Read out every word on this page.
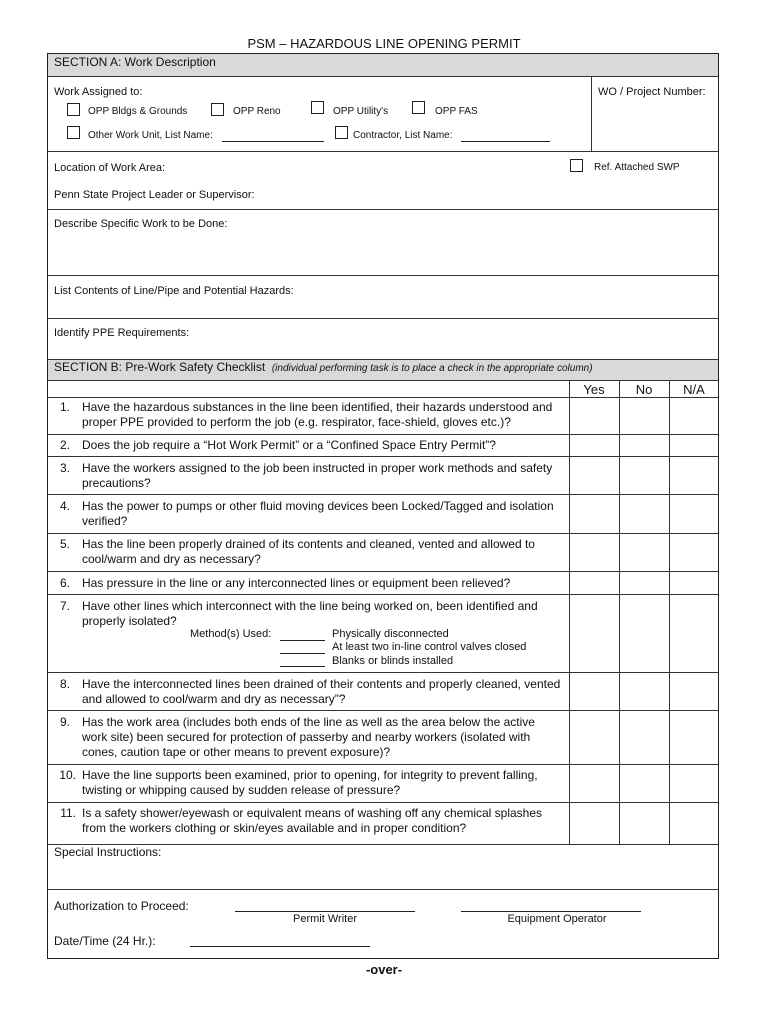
PSM – HAZARDOUS LINE OPENING PERMIT
SECTION A: Work Description
Work Assigned to:	WO / Project Number:
OPP Bldgs & Grounds	OPP Reno	OPP Utility's	OPP FAS
Other Work Unit, List Name:	Contractor, List Name:
Location of Work Area:	Ref. Attached SWP
Penn State Project Leader or Supervisor:
Describe Specific Work to be Done:
List Contents of Line/Pipe and Potential Hazards:
Identify PPE Requirements:
SECTION B: Pre-Work Safety Checklist (individual performing task is to place a check in the appropriate column)
Yes	No	N/A
1. Have the hazardous substances in the line been identified, their hazards understood and proper PPE provided to perform the job (e.g. respirator, face-shield, gloves etc.)?
2. Does the job require a “Hot Work Permit” or a “Confined Space Entry Permit”?
3. Have the workers assigned to the job been instructed in proper work methods and safety precautions?
4. Has the power to pumps or other fluid moving devices been Locked/Tagged and isolation verified?
5. Has the line been properly drained of its contents and cleaned, vented and allowed to cool/warm and dry as necessary?
6. Has pressure in the line or any interconnected lines or equipment been relieved?
7. Have other lines which interconnect with the line being worked on, been identified and properly isolated?
Method(s) Used:	Physically disconnected
At least two in-line control valves closed
Blanks or blinds installed
8. Have the interconnected lines been drained of their contents and properly cleaned, vented and allowed to cool/warm and dry as necessary”?
9. Has the work area (includes both ends of the line as well as the area below the active work site) been secured for protection of passerby and nearby workers (isolated with cones, caution tape or other means to prevent exposure)?
10. Have the line supports been examined, prior to opening, for integrity to prevent falling, twisting or whipping caused by sudden release of pressure?
11. Is a safety shower/eyewash or equivalent means of washing off any chemical splashes from the workers clothing or skin/eyes available and in proper condition?
Special Instructions:
Authorization to Proceed:
Permit Writer	Equipment Operator
Date/Time (24 Hr.):
-over-
